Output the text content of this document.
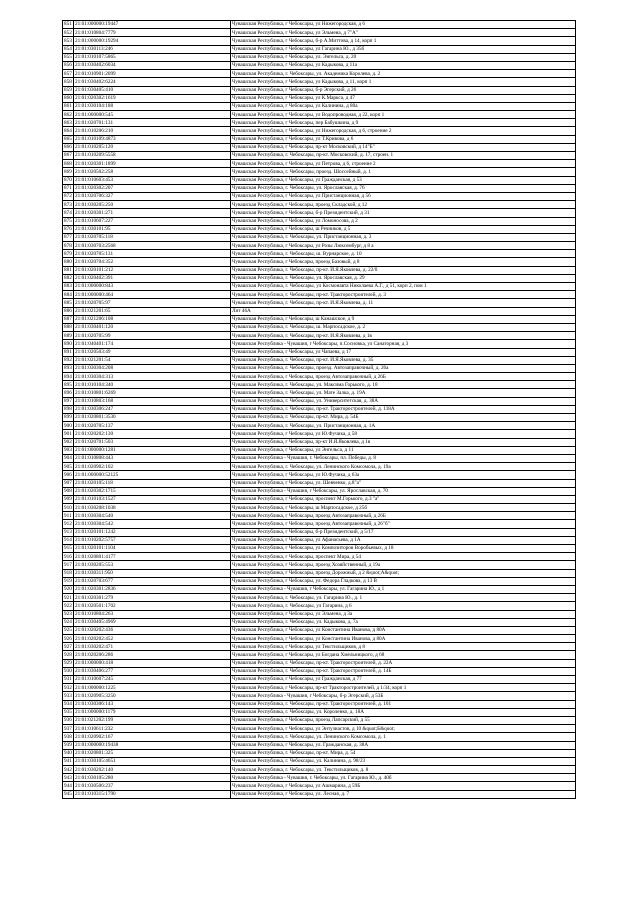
851	21:01:000000:19447	Чувашская Республика, г Чебоксары, ул Нижегородская, д 6
852	21:01:010804:7779	Чувашская Республика, г Чебоксары, ул Эльмена, д 7"А"
853	21:01:000000:19294	Чувашская Республика, г Чебоксары, б-р А.Миттова, д 14, корп 1
854	21:01:030113:246	Чувашская Республика, г Чебоксары, ул Гагарина Ю., д 35б
855	21:01:010107:5865	Чувашская Республика, г Чебоксары, ул. Энгельса, д. 20
856	21:01:030402:6034	Чувашская Республика, г Чебоксары, ул Кадыкова, д 11а
857	21:01:010901:2099	Чувашская Республика, г. Чебоксары, ул. Академика Королева, д. 2
858	21:01:030402:6224	Чувашская Республика, г Чебоксары, ул Кадыкова, д 11, корп 1
859	21:01:030405:410	Чувашская Республика, г Чебоксары, б-р Эгерский, д 26
860	21:01:020302:1619	Чувашская Республика, г Чебоксары, ул К.Маркса, д 47
861	21:01:030104:188	Чувашская Республика, г Чебоксары, ул Калинина, д 80а
862	21:01:000000:545	Чувашская Республика, г Чебоксары, ул Водопроводная, д 22, корп 1
863	21:01:020701:131	Чувашская Республика, г Чебоксары, пер Бабушкина, д 9
864	21:01:010206:210	Чувашская Республика, г Чебоксары, ул Нижегородская, д 6, строение 2
865	21:01:010109:4873	Чувашская Республика, г Чебоксары, ул Т.Кривова, д 6
866	21:01:010205:120	Чувашская Республика, г Чебоксары, пр-кт Московский, д 14"Б"
867	21:01:010209:5558	Чувашская Республика, г. Чебоксары, пр-кт. Московский, д. 17, строен. 1
868	21:01:020301:1899	Чувашская Республика, г Чебоксары, ул Петрова, д 6, строение 2
869	21:01:020502:258	Чувашская Республика, г. Чебоксары, проезд. Шоссейный, д. 1
870	21:01:010603:453	Чувашская Республика, г Чебоксары, ул Гражданская, д 53
871	21:01:020302:207	Чувашская Республика, г. Чебоксары, ул. Ярославская, д. 76
872	21:01:020706:327	Чувашская Республика, г Чебоксары, ул Пристанционная, д 56
873	21:01:030205:250	Чувашская Республика, г Чебоксары, проезд Складской, д 12
874	21:01:020301:271	Чувашская Республика, г Чебоксары, б-р Президентский, д 31
875	21:01:010607:227	Чувашская Республика, г Чебоксары, ул Ломоносова, д 2
876	21:01:030101:95	Чувашская Республика, г Чебоксары, ш Речников, д 5
877	21:01:020705:118	Чувашская Республика, г. Чебоксары, ул. Пристанционная, д. 3
878	21:01:030703:2568	Чувашская Республика, г Чебоксары, ул Розы Люксембург, д 8 а
879	21:01:020705:131	Чувашская Республика, г. Чебоксары, ш. Вурнарское, д. 10
880	21:01:020704:352	Чувашская Республика, г Чебоксары, проезд Базовый, д 8
881	21:01:020101:212	Чувашская Республика, г. Чебоксары, пр-кт. И.Я.Яковлева, д. 22/0
882	21:01:020402:391	Чувашская Республика, г. Чебоксары, ул. Ярославская, д. 29
883	21:01:000000:843	Чувашская Республика, г. Чебоксары, ул Космонавта Николаева А.Г., д 51, корп 2, пом 1
884	21:01:000000:464	Чувашская Республика, г. Чебоксары, пр-кт. Тракторостроителей, д. 3
885	21:01:020705:97	Чувашская Республика, г. Чебоксары, пр-кт. И.Я.Яковлева, д. 11
886	21:01:021201:65	Лит 46А
887	21:01:021206:108	Чувашская Республика, г Чебоксары, ш Канашское, д 9
888	21:01:030401:120	Чувашская Республика, г. Чебоксары, ш. Марпосадское, д. 2
889	21:01:020705:99	Чувашская Республика, г. Чебоксары, пр-кт. И.Я.Яковлева, д 1в
890	21:01:040401:174	Чувашская Республика - Чувашия, г Чебоксары, п.Сосновка, ул Санаторная, д 3
891	21:01:020503:49	Чувашская Республика, г Чебоксары, ул Чапаева, д 17
892	21:01:021201:54	Чувашская Республика, г. Чебоксары, пр-кт. И.Я.Яковлева, д. 35
893	21:01:030304:208	Чувашская Республика, г. Чебоксары, проезд. Автозаправочный, д. 26а
894	21:01:030304:313	Чувашская Республика, г Чебоксары, проезд Автозаправочный, д 26Б
895	21:01:010104:340	Чувашская Республика, г. Чебоксары, ул. Максима Горького, д. 18
896	21:01:010801:6269	Чувашская Республика, г. Чебоксары, ул. Мате Залка, д. 19А
897	21:01:010803:168	Чувашская Республика, г. Чебоксары, ул. Университетская, д. 38А
898	21:01:030306:247	Чувашская Республика, г. Чебоксары, пр-кт. Тракторостроителей, д. 118А
899	21:01:020801:3530	Чувашская Республика, г. Чебоксары, пр-кт. Мира, д. 54Б
900	21:01:020705:137	Чувашская Республика, г. Чебоксары, ул. Пристанционная, д. 1А
901	21:01:020202:130	Чувашская Республика, г Чебоксары, ул Ю.Фучика, д 58
902	21:01:020701:503	Чувашская Республика, г Чебоксары, пр-кт И.Я.Яковлева, д 1в
903	21:01:000000:1281	Чувашская Республика, г Чебоксары, ул Энгельса, д 11
904	21:01:010808:443	Чувашская Республика - Чувашия, г. Чебоксары, пл. Победы, д. 8
905	21:01:020902:102	Чувашская Республика, г. Чебоксары, ул. Ленинского Комсомола, д. 19а
906	21:01:000000:52125	Чувашская Республика, г Чебоксары, ул Ю.Фучика, д 63а
907	21:01:020105:118	Чувашская Республика, г Чебоксары, ул. Шевченко, д.8"а"
908	21:01:020302:1715	Чувашская Республика - Чувашия, г Чебоксары, ул. Ярославская, д. 70
909	21:01:010103:1527	Чувашская Республика, г Чебоксары, проспект М.Горького, д.3 "а"
910	21:01:030208:1038	Чувашская Республика, г Чебоксары, ш Марпосадское, д 25б
911	21:01:030304:540	Чувашская Республика, г Чебоксары, проезд Автозаправочный, д 26Б
912	21:01:030304:542	Чувашская Республика, г Чебоксары, проезд Автозаправочный, д 26"б"
913	21:01:020101:1242	Чувашская Республика, г Чебоксары, б-р Президентский, д 5/17
914	21:01:010202:5757	Чувашская Республика, г Чебоксары, ул Афанасьева, д 1А
915	21:01:020101:1104	Чувашская Республика, г Чебоксары, ул Композиторов Воробьевых, д 18
916	21:01:020801:4177	Чувашская Республика, г Чебоксары, проспект Мира, д 54
917	21:01:030205:553	Чувашская Республика, г Чебоксары, проезд Хозяйственный, д 19а
918	21:01:030311:950	Чувашская Республика, г Чебоксары, проезд Дорожный, д 2 &quot;А&quot;
919	21:01:020703:677	Чувашская Республика, г Чебоксары, ул. Федора Гладкова, д 13 В
920	21:01:020301:2836	Чувашская Республика - Чувашия, г Чебоксары, ул. Гагарина Ю., д 1
921	21:01:020301:279	Чувашская Республика, г. Чебоксары, ул. Гагарина Ю., д. 1
922	21:01:020501:1702	Чувашская Республика, г. Чебоксары, ул Гагарина, д 6
923	21:01:010804:263	Чувашская Республика, г Чебоксары, ул Эльмена, д 3а
924	21:01:030405:4969	Чувашская Республика, г. Чебоксары, ул. Кадыкова, д. 7а
925	21:01:020202:436	Чувашская Республика, г Чебоксары, ул Константина Иванова, д 80А
926	21:01:020202:452	Чувашская Республика, г Чебоксары, ул Константина Иванова, д 80А
927	21:01:030202:471	Чувашская Республика, г Чебоксары, ул Текстильщиков, д 8
928	21:01:020206:286	Чувашская Республика, г Чебоксары, ул Богдана Хмельницкого, д 68
929	21:01:000000:418	Чувашская Республика, г. Чебоксары, пр-кт. Тракторостроителей, д. 22А
930	21:01:030406:277	Чувашская Республика, г. Чебоксары, пр-кт. Тракторостроителей, д. 14Б
931	21:01:010607:245	Чувашская Республика, г Чебоксары, ул Гражданская, д 77
932	21:01:000000:1225	Чувашская Республика, г Чебоксары, пр-кт Тракторостроителей, д 1/34, корп 1
933	21:01:020905:3250	Чувашская Республика - Чувашия, г Чебоксары, б-р Эгерский, д 53Б
934	21:01:030306:143	Чувашская Республика, г. Чебоксары, пр-кт. Тракторостроителей, д. 101
935	21:01:000000:1179	Чувашская Республика, г. Чебоксары, ул. Короленко, д. 18А
936	21:01:021202:199	Чувашская Республика, г Чебоксары, проезд Лапсарский, д 55
937	21:01:010611:232	Чувашская Республика, г Чебоксары, ул Энтузиастов, д 10 &quot;Б&quot;
938	21:01:020902:167	Чувашская Республика, г. Чебоксары, ул. Ленинского Комсомола, д. 1
939	21:01:000000:19438	Чувашская Республика, г Чебоксары, ул. Гражданская, д. 38А
940	21:01:020801:325	Чувашская Республика, г. Чебоксары, пр-кт. Мира, д. 54
941	21:01:030105:4651	Чувашская Республика, г. Чебоксары, ул. Калинина, д. 98/23
942	21:01:030202:140	Чувашская Республика, г. Чебоксары, ул. Текстильщиков, д. 8
943	21:01:030105:280	Чувашская Республика - Чувашия, г. Чебоксары, ул. Гагарина Ю., д. 40б
944	21:01:030506:237	Чувашская Республика, г Чебоксары, ул Ашмарина, д 59Б
945	21:01:010315:1790	Чувашская Республика, г Чебоксары, ул. Лесная, д. 7
